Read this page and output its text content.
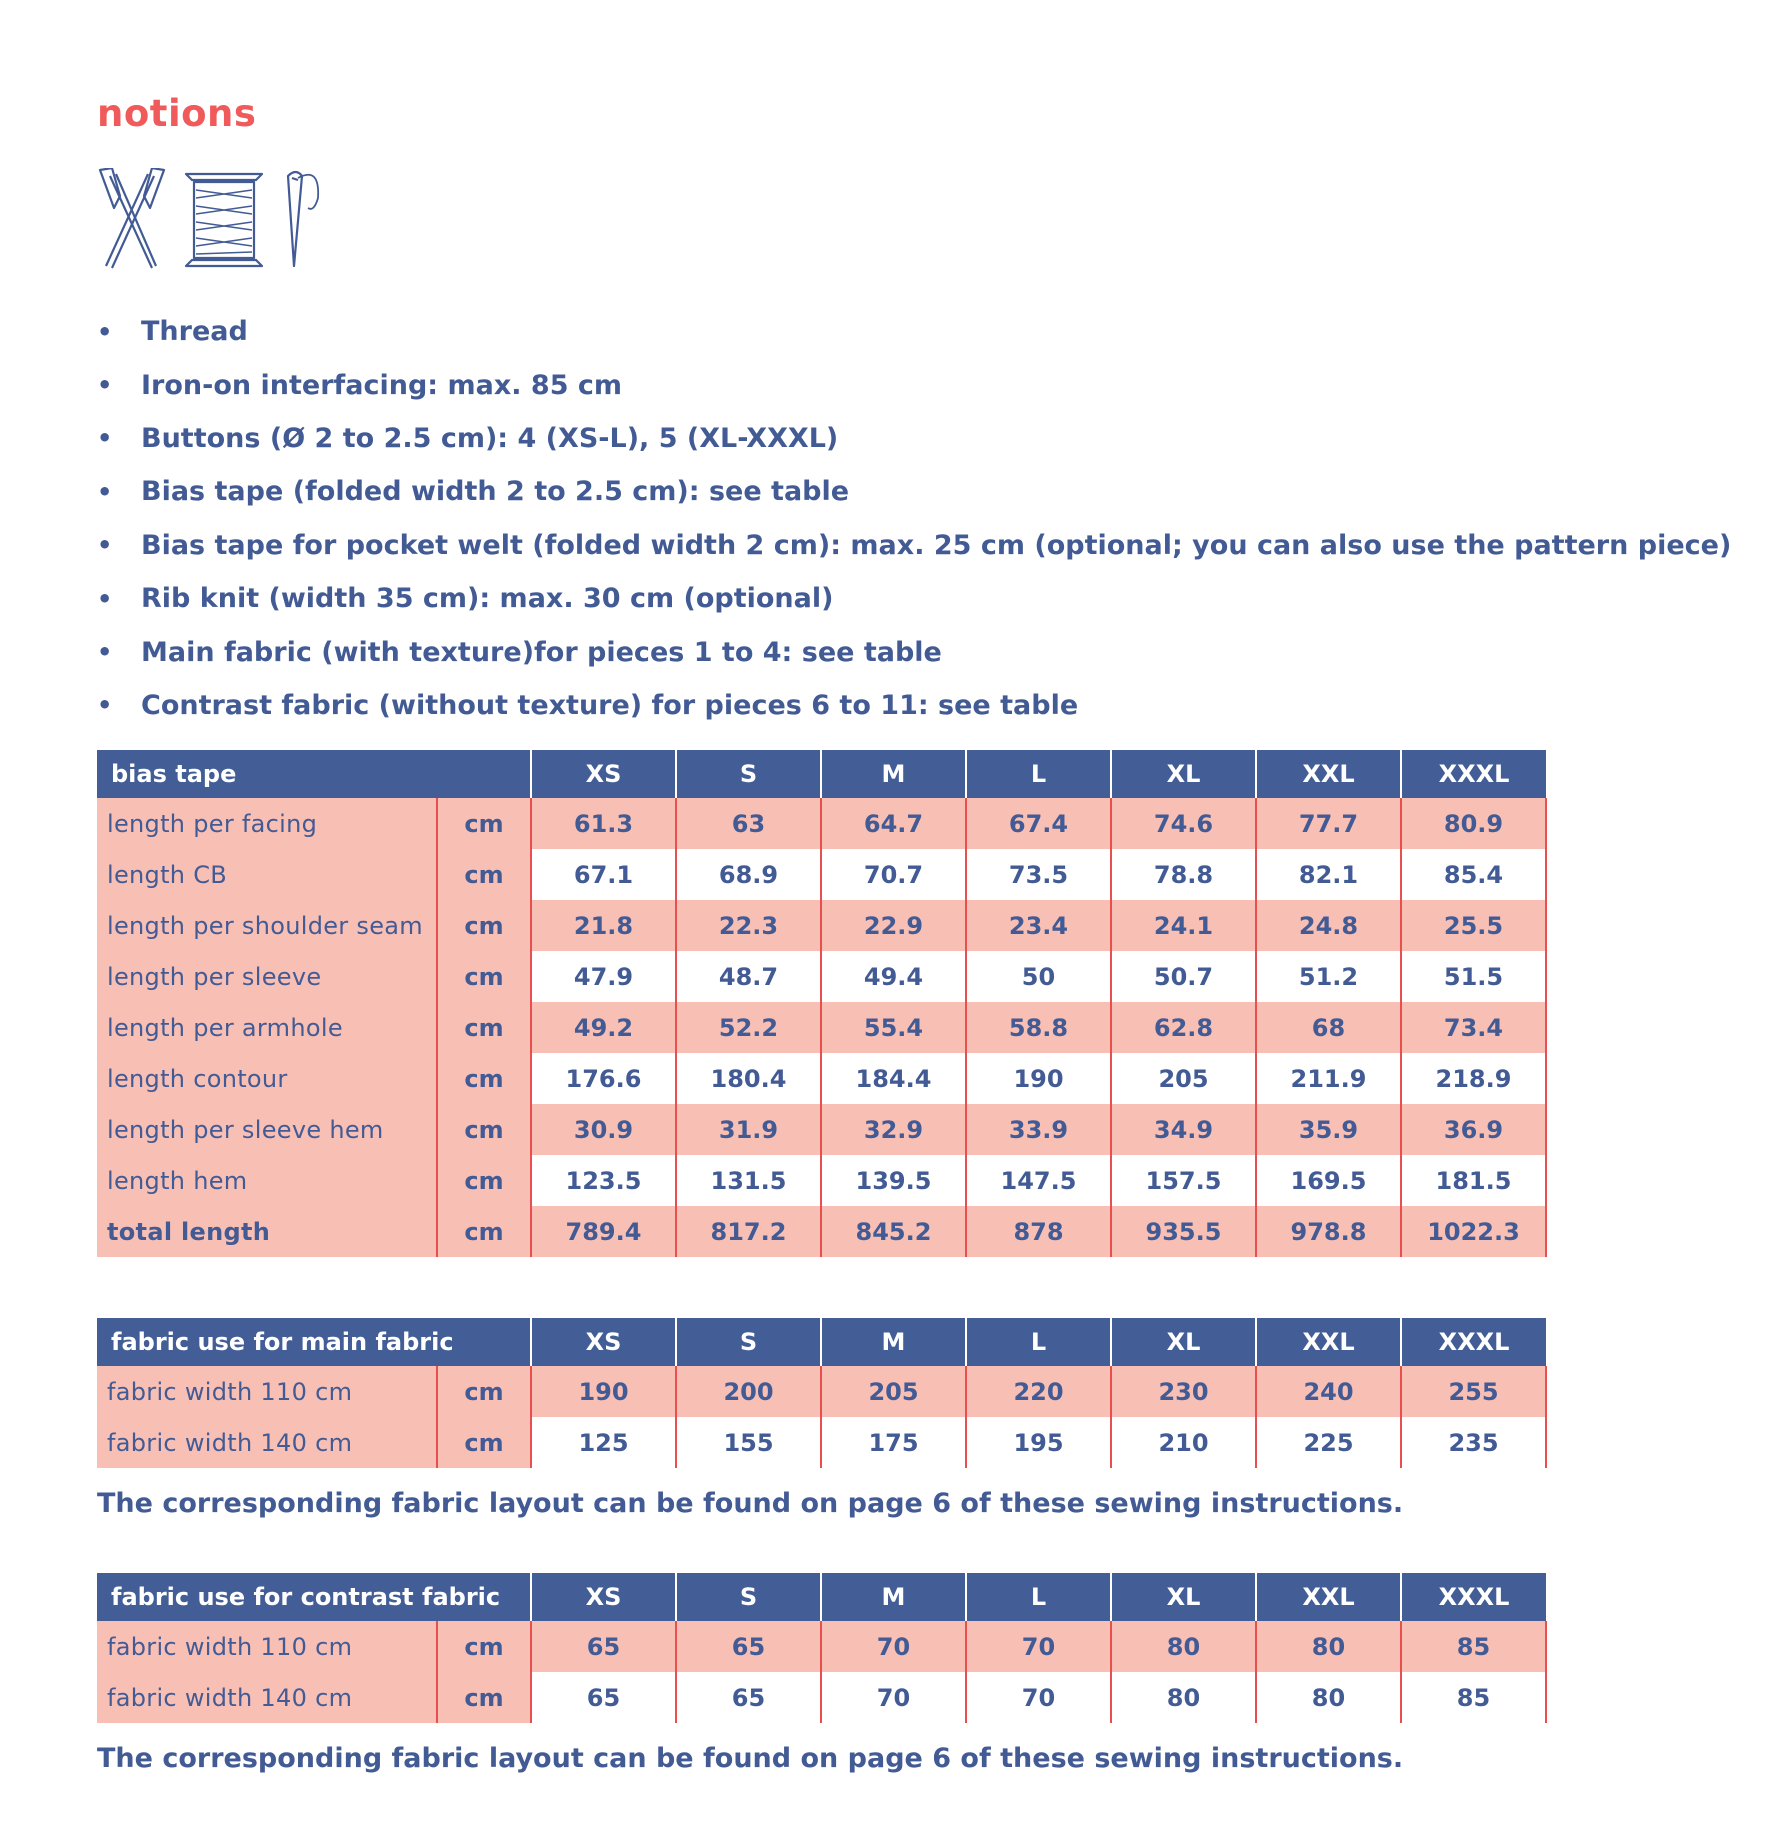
notions
•	Thread
•	Iron-on interfacing: max. 85 cm
•	Buttons (Ø 2 to 2.5 cm): 4 (XS-L), 5 (XL-XXXL)
•	Bias tape (folded width 2 to 2.5 cm): see table
•	Bias tape for pocket welt (folded width 2 cm): max. 25 cm (optional; you can also use the pattern piece)
•	Rib knit (width 35 cm): max. 30 cm (optional)
•	Main fabric (with texture)for pieces 1 to 4: see table
•	Contrast fabric (without texture) for pieces 6 to 11: see table
bias tape		XS	S	M	L	XL	XXL	XXXL
length per facing	cm	61.3	63	64.7	67.4	74.6	77.7	80.9
length CB	cm	67.1	68.9	70.7	73.5	78.8	82.1	85.4
length per shoulder seam	cm	21.8	22.3	22.9	23.4	24.1	24.8	25.5
length per sleeve	cm	47.9	48.7	49.4	50	50.7	51.2	51.5
length per armhole	cm	49.2	52.2	55.4	58.8	62.8	68	73.4
length contour	cm	176.6	180.4	184.4	190	205	211.9	218.9
length per sleeve hem	cm	30.9	31.9	32.9	33.9	34.9	35.9	36.9
length hem	cm	123.5	131.5	139.5	147.5	157.5	169.5	181.5
total length	cm	789.4	817.2	845.2	878	935.5	978.8	1022.3
fabric use for main fabric		XS	S	M	L	XL	XXL	XXXL
fabric width 110 cm	cm	190	200	205	220	230	240	255
fabric width 140 cm	cm	125	155	175	195	210	225	235

The corresponding fabric layout can be found on page 6 of these sewing instructions.

fabric use for contrast fabric		XS	S	M	L	XL	XXL	XXXL
fabric width 110 cm	cm	65	65	70	70	80	80	85
fabric width 140 cm	cm	65	65	70	70	80	80	85

The corresponding fabric layout can be found on page 6 of these sewing instructions.
